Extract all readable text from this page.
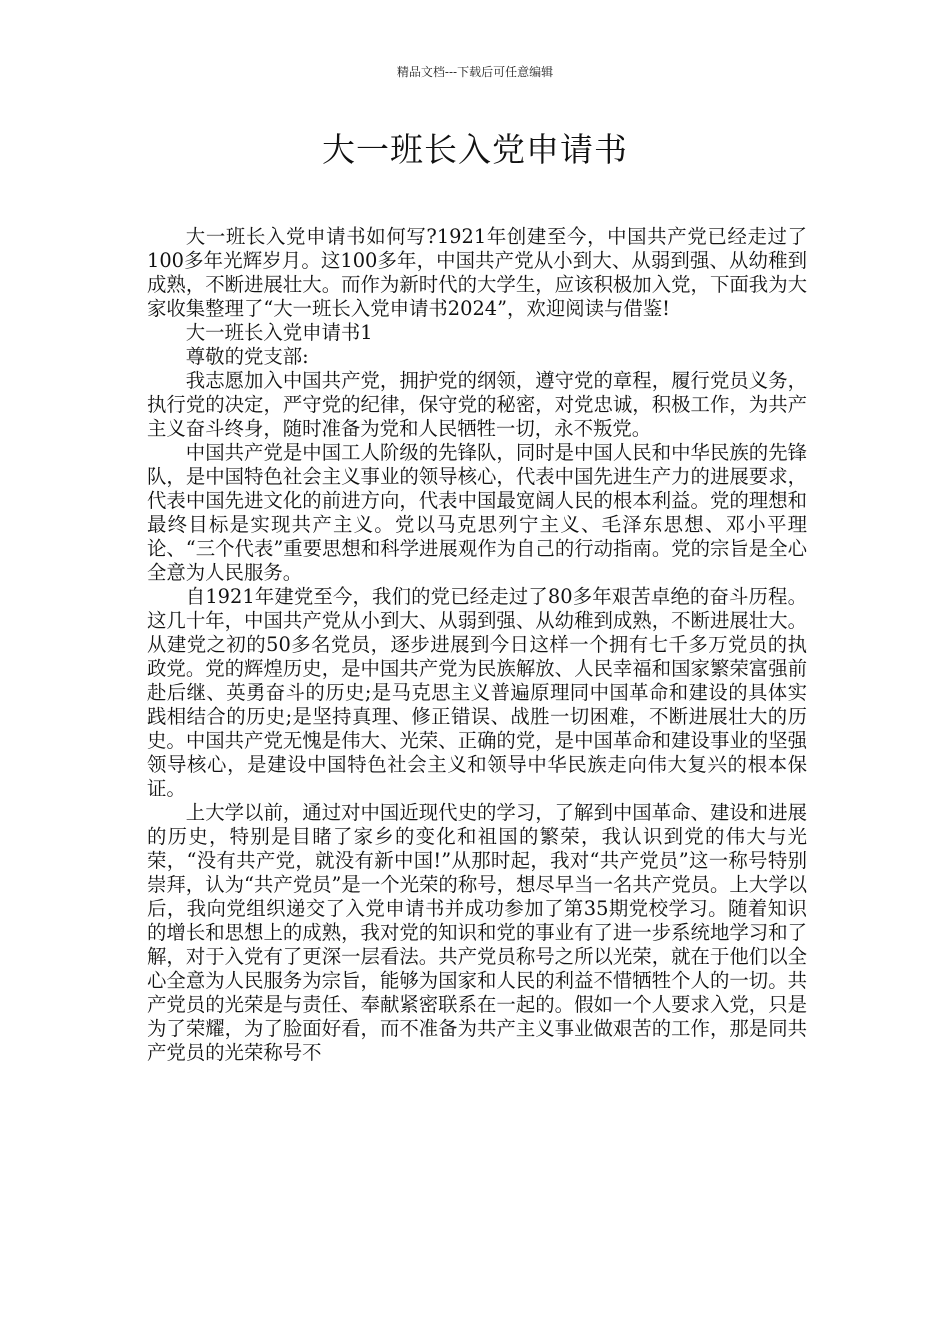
精品文档---下载后可任意编辑
大一班长入党申请书

大一班长入党申请书如何写?1921年创建至今，中国共产党已经走过了100多年光辉岁月。这100多年，中国共产党从小到大、从弱到强、从幼稚到成熟，不断进展壮大。而作为新时代的大学生，应该积极加入党，下面我为大家收集整理了“大一班长入党申请书2024”，欢迎阅读与借鉴!

大一班长入党申请书1

尊敬的党支部:

我志愿加入中国共产党，拥护党的纲领，遵守党的章程，履行党员义务，执行党的决定，严守党的纪律，保守党的秘密，对党忠诚，积极工作，为共产主义奋斗终身，随时准备为党和人民牺牲一切，永不叛党。

中国共产党是中国工人阶级的先锋队，同时是中国人民和中华民族的先锋队，是中国特色社会主义事业的领导核心，代表中国先进生产力的进展要求，代表中国先进文化的前进方向，代表中国最宽阔人民的根本利益。党的理想和最终目标是实现共产主义。党以马克思列宁主义、毛泽东思想、邓小平理论、“三个代表”重要思想和科学进展观作为自己的行动指南。党的宗旨是全心全意为人民服务。

自1921年建党至今，我们的党已经走过了80多年艰苦卓绝的奋斗历程。这几十年，中国共产党从小到大、从弱到强、从幼稚到成熟，不断进展壮大。从建党之初的50多名党员，逐步进展到今日这样一个拥有七千多万党员的执政党。党的辉煌历史，是中国共产党为民族解放、人民幸福和国家繁荣富强前赴后继、英勇奋斗的历史;是马克思主义普遍原理同中国革命和建设的具体实践相结合的历史;是坚持真理、修正错误、战胜一切困难，不断进展壮大的历史。中国共产党无愧是伟大、光荣、正确的党，是中国革命和建设事业的坚强领导核心，是建设中国特色社会主义和领导中华民族走向伟大复兴的根本保证。

上大学以前，通过对中国近现代史的学习，了解到中国革命、建设和进展的历史，特别是目睹了家乡的变化和祖国的繁荣，我认识到党的伟大与光荣，“没有共产党，就没有新中国!”从那时起，我对“共产党员”这一称号特别崇拜，认为“共产党员”是一个光荣的称号，想尽早当一名共产党员。上大学以后，我向党组织递交了入党申请书并成功参加了第35期党校学习。随着知识的增长和思想上的成熟，我对党的知识和党的事业有了进一步系统地学习和了解，对于入党有了更深一层看法。共产党员称号之所以光荣，就在于他们以全心全意为人民服务为宗旨，能够为国家和人民的利益不惜牺牲个人的一切。共产党员的光荣是与责任、奉献紧密联系在一起的。假如一个人要求入党，只是为了荣耀，为了脸面好看，而不准备为共产主义事业做艰苦的工作，那是同共产党员的光荣称号不
